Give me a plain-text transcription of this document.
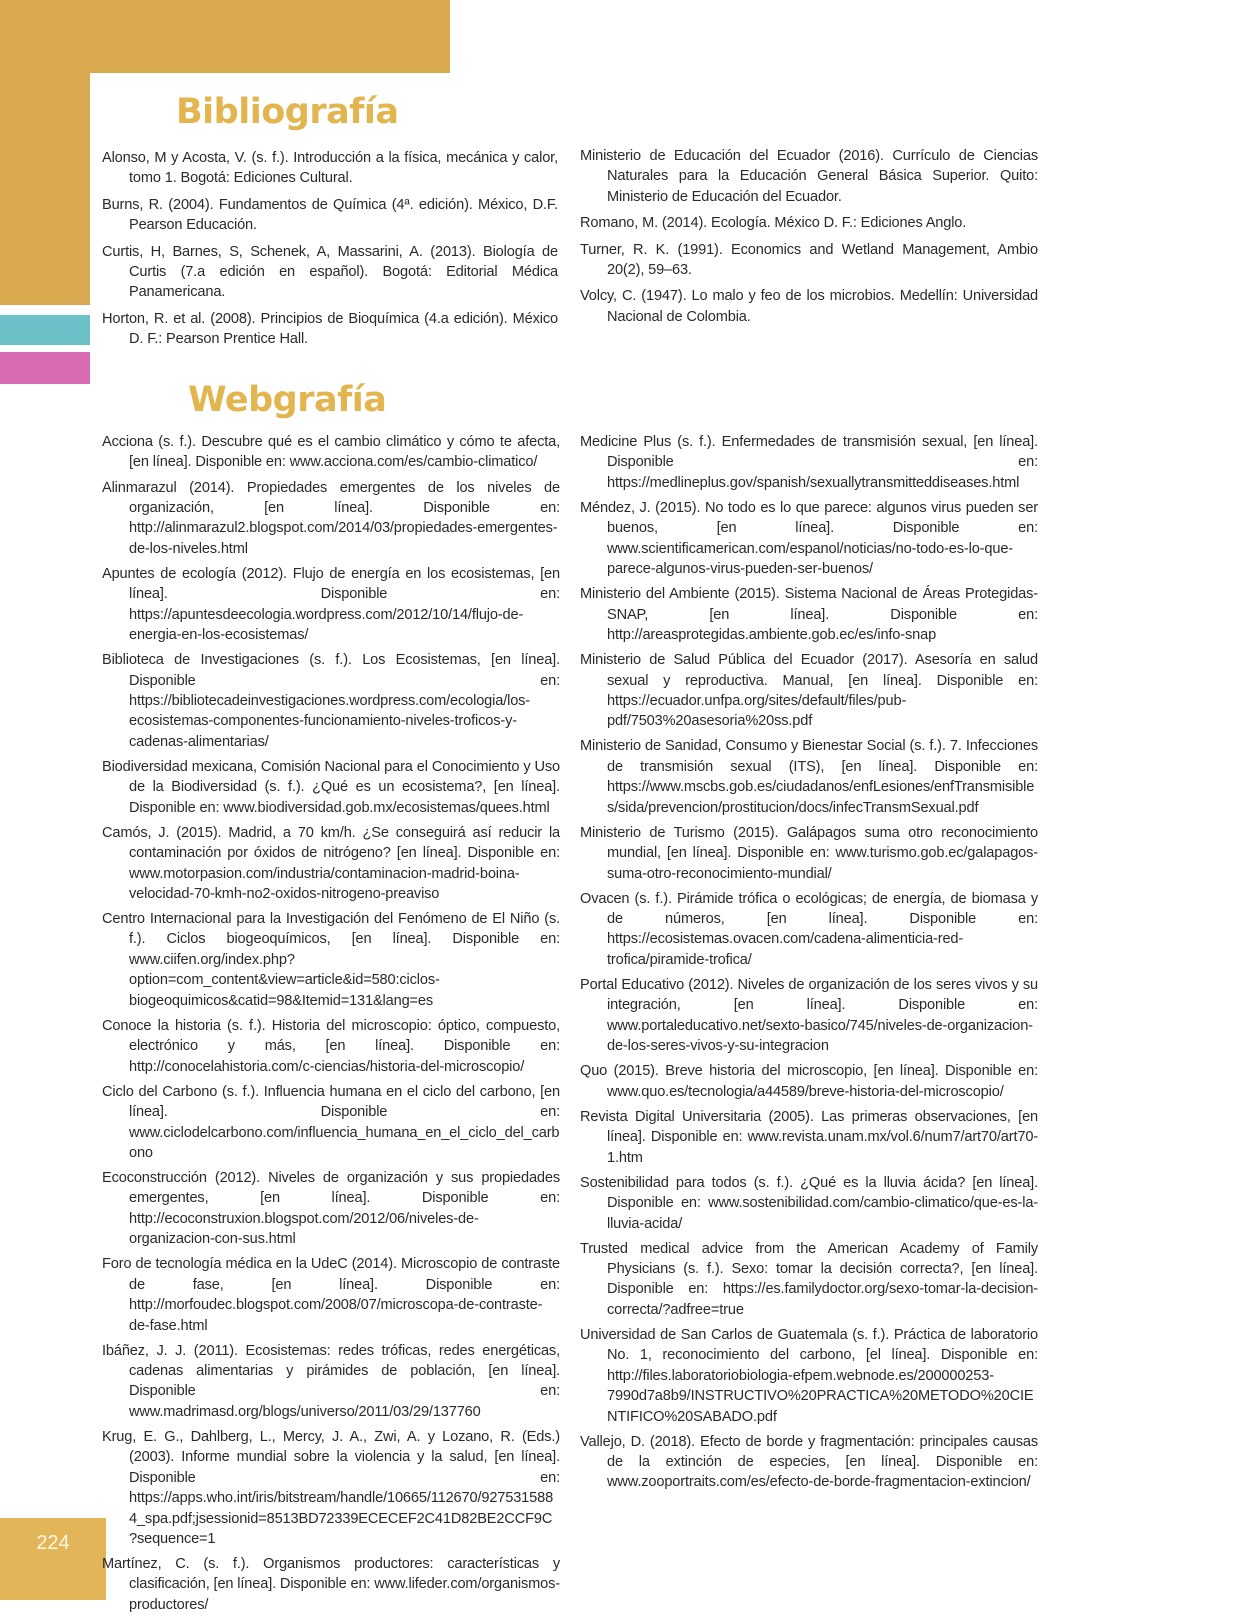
224
Bibliografía
Alonso, M y Acosta, V. (s. f.). Introducción a la física, mecánica y calor, tomo 1. Bogotá: Ediciones Cultural.
Burns, R. (2004). Fundamentos de Química (4ª. edición). México, D.F. Pearson Educación.
Curtis, H, Barnes, S, Schenek, A, Massarini, A. (2013). Biología de Curtis (7.a edición en español). Bogotá: Editorial Médica Panamericana.
Horton, R. et al. (2008). Principios de Bioquímica (4.a edición). México D. F.: Pearson Prentice Hall.
Ministerio de Educación del Ecuador (2016). Currículo de Ciencias Naturales para la Educación General Básica Superior. Quito: Ministerio de Educación del Ecuador.
Romano, M. (2014). Ecología. México D. F.: Ediciones Anglo.
Turner, R. K. (1991). Economics and Wetland Management, Ambio 20(2), 59–63.
Volcy, C. (1947). Lo malo y feo de los microbios. Medellín: Universidad Nacional de Colombia.
Webgrafía
Acciona (s. f.). Descubre qué es el cambio climático y cómo te afecta, [en línea]. Disponible en: www.acciona.com/es/cambio-climatico/
Alinmarazul (2014). Propiedades emergentes de los niveles de organización, [en línea]. Disponible en: http://alinmarazul2.blogspot.com/2014/03/propiedades-emergentes-de-los-niveles.html
Apuntes de ecología (2012). Flujo de energía en los ecosistemas, [en línea]. Disponible en: https://apuntesdeecologia.wordpress.com/2012/10/14/flujo-de-energia-en-los-ecosistemas/
Biblioteca de Investigaciones (s. f.). Los Ecosistemas, [en línea]. Disponible en: https://bibliotecadeinvestigaciones.wordpress.com/ecologia/los-ecosistemas-componentes-funcionamiento-niveles-troficos-y-cadenas-alimentarias/
Biodiversidad mexicana, Comisión Nacional para el Conocimiento y Uso de la Biodiversidad (s. f.). ¿Qué es un ecosistema?, [en línea]. Disponible en: www.biodiversidad.gob.mx/ecosistemas/quees.html
Camós, J. (2015). Madrid, a 70 km/h. ¿Se conseguirá así reducir la contaminación por óxidos de nitrógeno? [en línea]. Disponible en: www.motorpasion.com/industria/contaminacion-madrid-boina-velocidad-70-kmh-no2-oxidos-nitrogeno-preaviso
Centro Internacional para la Investigación del Fenómeno de El Niño (s. f.). Ciclos biogeoquímicos, [en línea]. Disponible en: www.ciifen.org/index.php?option=com_content&view=article&id=580:ciclos-biogeoquimicos&catid=98&Itemid=131&lang=es
Conoce la historia (s. f.). Historia del microscopio: óptico, compuesto, electrónico y más, [en línea]. Disponible en: http://conocelahistoria.com/c-ciencias/historia-del-microscopio/
Ciclo del Carbono (s. f.). Influencia humana en el ciclo del carbono, [en línea]. Disponible en: www.ciclodelcarbono.com/influencia_humana_en_el_ciclo_del_carbono
Ecoconstrucción (2012). Niveles de organización y sus propiedades emergentes, [en línea]. Disponible en: http://ecoconstruxion.blogspot.com/2012/06/niveles-de-organizacion-con-sus.html
Foro de tecnología médica en la UdeC (2014). Microscopio de contraste de fase, [en línea]. Disponible en: http://morfoudec.blogspot.com/2008/07/microscopa-de-contraste-de-fase.html
Ibáñez, J. J. (2011). Ecosistemas: redes tróficas, redes energéticas, cadenas alimentarias y pirámides de población, [en línea]. Disponible en: www.madrimasd.org/blogs/universo/2011/03/29/137760
Krug, E. G., Dahlberg, L., Mercy, J. A., Zwi, A. y Lozano, R. (Eds.) (2003). Informe mundial sobre la violencia y la salud, [en línea]. Disponible en: https://apps.who.int/iris/bitstream/handle/10665/112670/9275315884_spa.pdf;jsessionid=8513BD72339ECECEF2C41D82BE2CCF9C?sequence=1
Martínez, C. (s. f.). Organismos productores: características y clasificación, [en línea]. Disponible en: www.lifeder.com/organismos-productores/
Medicine Plus (s. f.). Enfermedades de transmisión sexual, [en línea]. Disponible en: https://medlineplus.gov/spanish/sexuallytransmitteddiseases.html
Méndez, J. (2015). No todo es lo que parece: algunos virus pueden ser buenos, [en línea]. Disponible en: www.scientificamerican.com/espanol/noticias/no-todo-es-lo-que-parece-algunos-virus-pueden-ser-buenos/
Ministerio del Ambiente (2015). Sistema Nacional de Áreas Protegidas-SNAP, [en línea]. Disponible en: http://areasprotegidas.ambiente.gob.ec/es/info-snap
Ministerio de Salud Pública del Ecuador (2017). Asesoría en salud sexual y reproductiva. Manual, [en línea]. Disponible en: https://ecuador.unfpa.org/sites/default/files/pub-pdf/7503%20asesoria%20ss.pdf
Ministerio de Sanidad, Consumo y Bienestar Social (s. f.). 7. Infecciones de transmisión sexual (ITS), [en línea]. Disponible en: https://www.mscbs.gob.es/ciudadanos/enfLesiones/enfTransmisibles/sida/prevencion/prostitucion/docs/infecTransmSexual.pdf
Ministerio de Turismo (2015). Galápagos suma otro reconocimiento mundial, [en línea]. Disponible en: www.turismo.gob.ec/galapagos-suma-otro-reconocimiento-mundial/
Ovacen (s. f.). Pirámide trófica o ecológicas; de energía, de biomasa y de números, [en línea]. Disponible en: https://ecosistemas.ovacen.com/cadena-alimenticia-red-trofica/piramide-trofica/
Portal Educativo (2012). Niveles de organización de los seres vivos y su integración, [en línea]. Disponible en: www.portaleducativo.net/sexto-basico/745/niveles-de-organizacion-de-los-seres-vivos-y-su-integracion
Quo (2015). Breve historia del microscopio, [en línea]. Disponible en: www.quo.es/tecnologia/a44589/breve-historia-del-microscopio/
Revista Digital Universitaria (2005). Las primeras observaciones, [en línea]. Disponible en: www.revista.unam.mx/vol.6/num7/art70/art70-1.htm
Sostenibilidad para todos (s. f.). ¿Qué es la lluvia ácida? [en línea]. Disponible en: www.sostenibilidad.com/cambio-climatico/que-es-la-lluvia-acida/
Trusted medical advice from the American Academy of Family Physicians (s. f.). Sexo: tomar la decisión correcta?, [en línea]. Disponible en: https://es.familydoctor.org/sexo-tomar-la-decision-correcta/?adfree=true
Universidad de San Carlos de Guatemala (s. f.). Práctica de laboratorio No. 1, reconocimiento del carbono, [el línea]. Disponible en: http://files.laboratoriobiologia-efpem.webnode.es/200000253-7990d7a8b9/INSTRUCTIVO%20PRACTICA%20METODO%20CIENTIFICO%20SABADO.pdf
Vallejo, D. (2018). Efecto de borde y fragmentación: principales causas de la extinción de especies, [en línea]. Disponible en: www.zooportraits.com/es/efecto-de-borde-fragmentacion-extincion/
